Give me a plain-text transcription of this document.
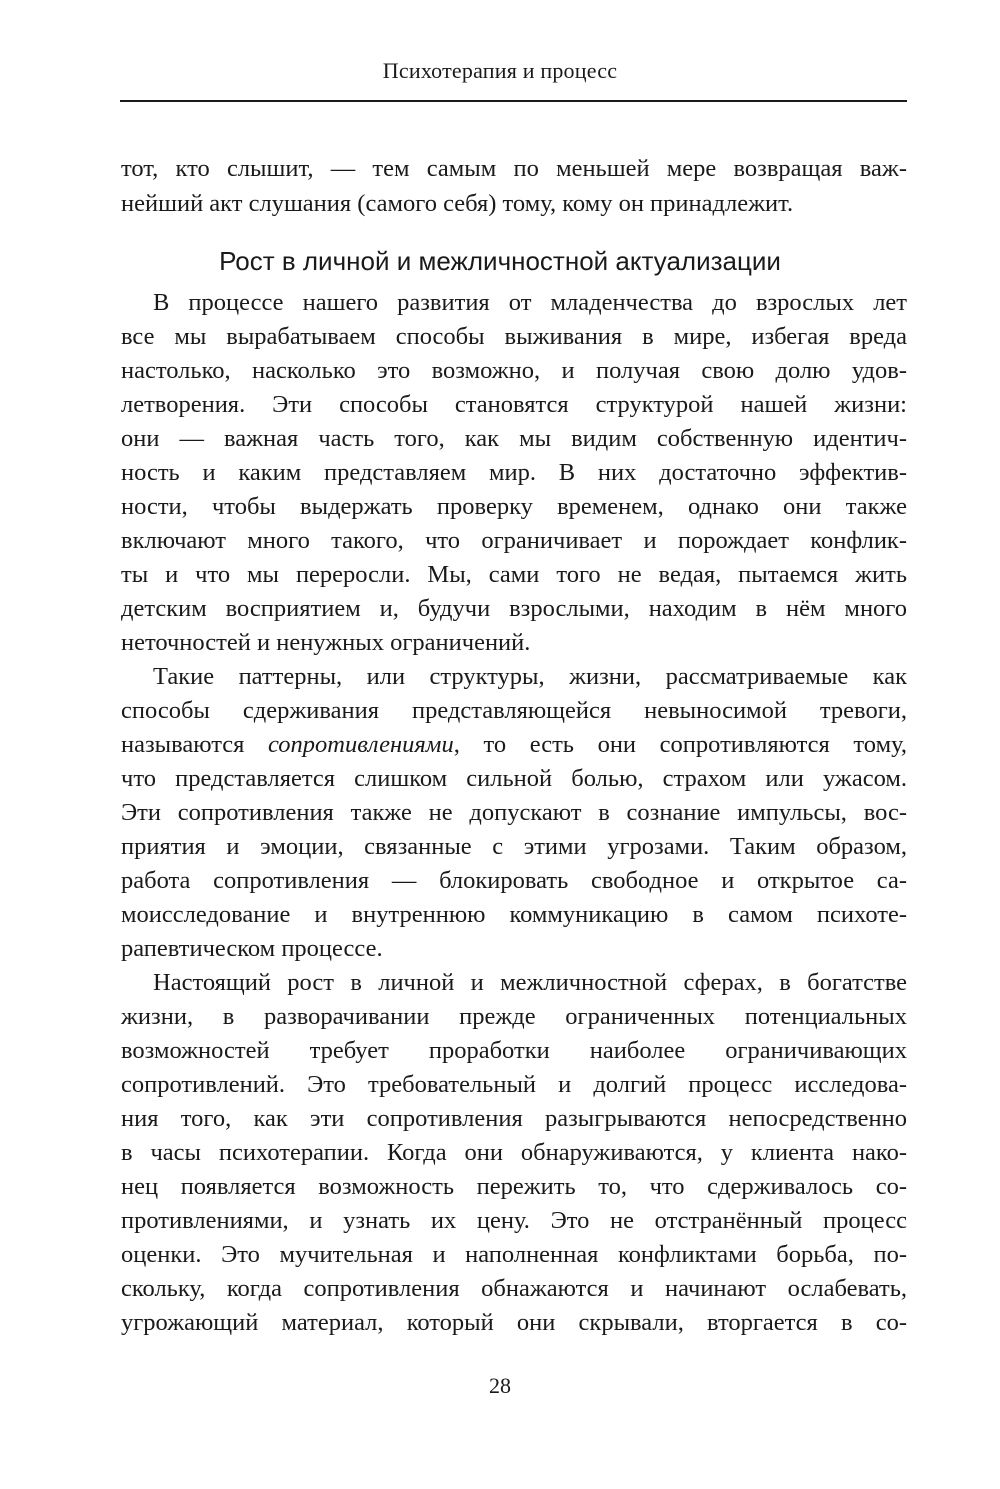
Психотерапия и процесс
тот, кто слышит, — тем самым по меньшей мере возвращая важ-
нейший акт слушания (самого себя) тому, кому он принадлежит.
Рост в личной и межличностной актуализации
В процессе нашего развития от младенчества до взрослых лет
все мы вырабатываем способы выживания в мире, избегая вреда
настолько, насколько это возможно, и получая свою долю удов-
летворения. Эти способы становятся структурой нашей жизни:
они — важная часть того, как мы видим собственную идентич-
ность и каким представляем мир. В них достаточно эффектив-
ности, чтобы выдержать проверку временем, однако они также
включают много такого, что ограничивает и порождает конфлик-
ты и что мы переросли. Мы, сами того не ведая, пытаемся жить
детским восприятием и, будучи взрослыми, находим в нём много
неточностей и ненужных ограничений.
Такие паттерны, или структуры, жизни, рассматриваемые как
способы сдерживания представляющейся невыносимой тревоги,
называются сопротивлениями, то есть они сопротивляются тому,
что представляется слишком сильной болью, страхом или ужасом.
Эти сопротивления также не допускают в сознание импульсы, вос-
приятия и эмоции, связанные с этими угрозами. Таким образом,
работа сопротивления — блокировать свободное и открытое са-
моисследование и внутреннюю коммуникацию в самом психоте-
рапевтическом процессе.
Настоящий рост в личной и межличностной сферах, в богатстве
жизни, в разворачивании прежде ограниченных потенциальных
возможностей требует проработки наиболее ограничивающих
сопротивлений. Это требовательный и долгий процесс исследова-
ния того, как эти сопротивления разыгрываются непосредственно
в часы психотерапии. Когда они обнаруживаются, у клиента нако-
нец появляется возможность пережить то, что сдерживалось со-
противлениями, и узнать их цену. Это не отстранённый процесс
оценки. Это мучительная и наполненная конфликтами борьба, по-
скольку, когда сопротивления обнажаются и начинают ослабевать,
угрожающий материал, который они скрывали, вторгается в со-
28
